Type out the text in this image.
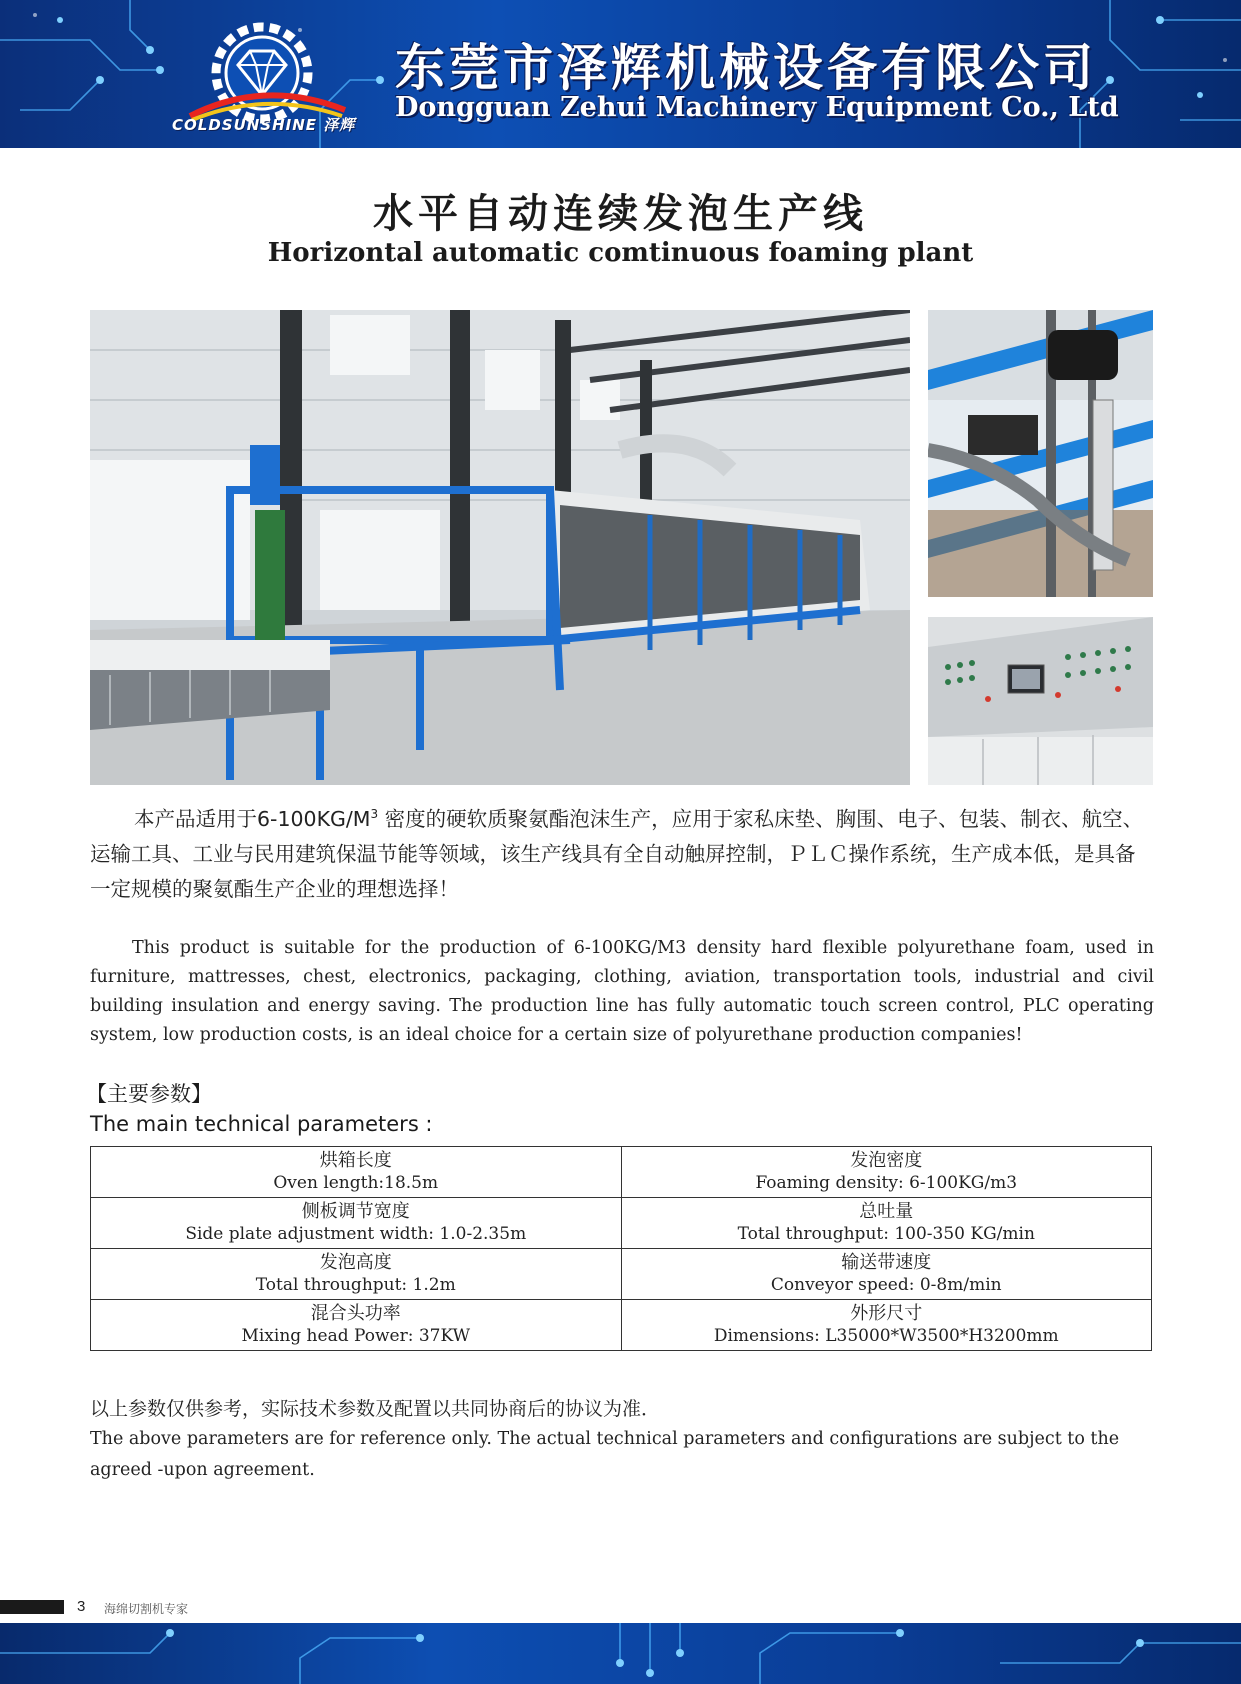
COLDSUNSHINE 泽辉
东莞市泽辉机械设备有限公司
Dongguan Zehui Machinery Equipment Co., Ltd
水平自动连续发泡生产线
Horizontal automatic comtinuous foaming plant

本产品适用于$6-100KG/M^3$ 密度的硬软质聚氨酯泡沫生产，应用于家私床垫、胸围、电子、包装、制衣、航空、运输工具、工业与民用建筑保温节能等领域，该生产线具有全自动触屏控制，ＰＬＣ操作系统，生产成本低，是具备一定规模的聚氨酯生产企业的理想选择！

This product is suitable for the production of 6-100KG/M3 density hard flexible polyurethane foam, used in furniture, mattresses, chest, electronics, packaging, clothing, aviation, transportation tools, industrial and civil building insulation and energy saving. The production line has fully automatic touch screen control, PLC operating system, low production costs, is an ideal choice for a certain size of polyurethane production companies!

【主要参数】
The main technical parameters :
烘箱长度
Oven length:18.5m	发泡密度
Foaming density: 6-100KG/m3

侧板调节宽度
Side plate adjustment width: 1.0-2.35m	总吐量
Total throughput: 100-350 KG/min

发泡高度
Total throughput: 1.2m	输送带速度
Conveyor speed: 0-8m/min

混合头功率
Mixing head Power: 37KW	外形尺寸
Dimensions: L35000*W3500*H3200mm
以上参数仅供参考，实际技术参数及配置以共同协商后的协议为准．

The above parameters are for reference only. The actual technical parameters and configurations are subject to the agreed -upon agreement.

3 海绵切割机专家
